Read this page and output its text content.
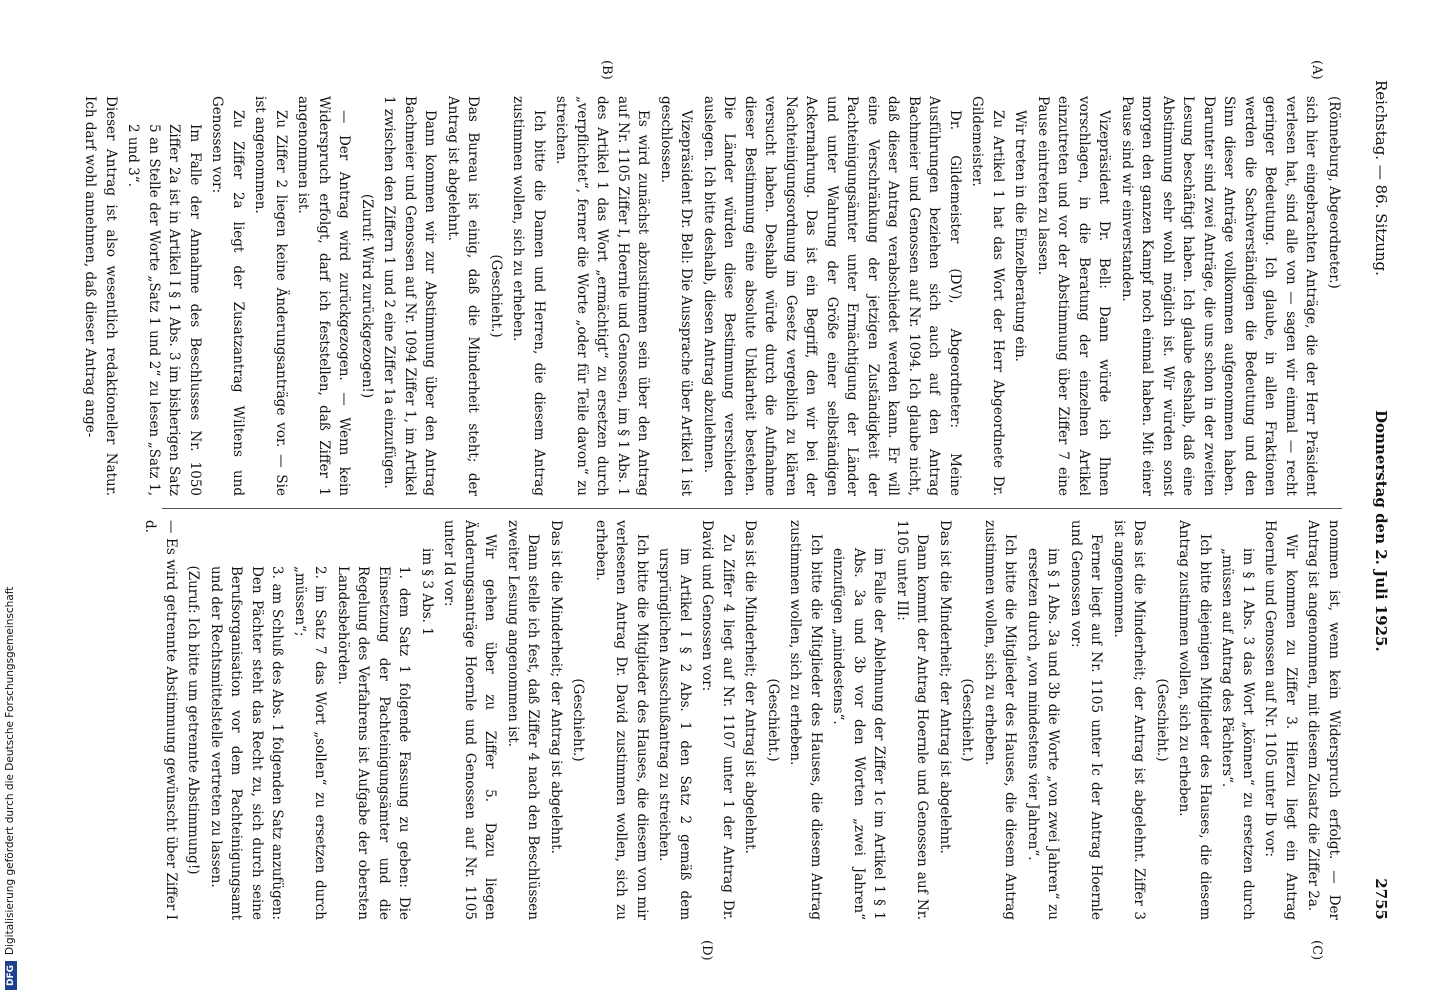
Reichstag. — 86. Sitzung.
Donnerstag den 2. Juli 1925.
2755
(A)
(B)
(C)
(D)

(Rönneburg, Abgeordneter.)

sich hier eingebrachten Anträge, die der Herr Präsident verlesen hat, sind alle von — sagen wir einmal — recht geringer Bedeutung. Ich glaube, in allen Fraktionen werden die Sachverständigen die Bedeutung und den Sinn dieser Anträge vollkommen aufgenommen haben. Darunter sind zwei Anträge, die uns schon in der zweiten Lesung beschäftigt haben. Ich glaube deshalb, daß eine Abstimmung sehr wohl möglich ist. Wir würden sonst morgen den ganzen Kampf noch einmal haben. Mit einer Pause sind wir einverstanden.

Vizepräsident Dr. Bell: Dann würde ich Ihnen vorschlagen, in die Beratung der einzelnen Artikel einzutreten und vor der Abstimmung über Ziffer 7 eine Pause eintreten zu lassen.

Wir treten in die Einzelberatung ein.

Zu Artikel 1 hat das Wort der Herr Abgeordnete Dr. Gildemeister.

Dr. Gildemeister (DV), Abgeordneter: Meine Ausführungen beziehen sich auch auf den Antrag Bachmeier und Genossen auf Nr. 1094. Ich glaube nicht, daß dieser Antrag verabschiedet werden kann. Er will eine Verschränkung der jetzigen Zuständigkeit der Pachteinigungsämter unter Ermächtigung der Länder und unter Wahrung der Größe einer selbständigen Ackernahrung. Das ist ein Begriff, den wir bei der Nachteinigungsordnung im Gesetz vergeblich zu klären versucht haben. Deshalb würde durch die Aufnahme dieser Bestimmung eine absolute Unklarheit bestehen. Die Länder würden diese Bestimmung verschieden auslegen. Ich bitte deshalb, diesen Antrag abzulehnen.

Vizepräsident Dr. Bell: Die Aussprache über Artikel 1 ist geschlossen.

Es wird zunächst abzustimmen sein über den Antrag auf Nr. 1105 Ziffer I, Hoernle und Genossen, im § 1 Abs. 1 des Artikel 1 das Wort „ermächtigt“ zu ersetzen durch „verpflichtet“, ferner die Worte „oder für Teile davon“ zu streichen.

Ich bitte die Damen und Herren, die diesem Antrag zustimmen wollen, sich zu erheben.

(Geschieht.)

Das Bureau ist einig, daß die Minderheit steht; der Antrag ist abgelehnt.

Dann kommen wir zur Abstimmung über den Antrag Bachmeier und Genossen auf Nr. 1094 Ziffer 1, im Artikel 1 zwischen den Ziffern 1 und 2 eine Ziffer 1a einzufügen.

(Zuruf: Wird zurückgezogen!)

— Der Antrag wird zurückgezogen. — Wenn kein Widerspruch erfolgt, darf ich feststellen, daß Ziffer 1 angenommen ist.

Zu Ziffer 2 liegen keine Änderungsanträge vor. — Sie ist angenommen.

Zu Ziffer 2a liegt der Zusatzantrag Wiltens und Genossen vor:

Im Falle der Annahme des Beschlusses Nr. 1050 Ziffer 2a ist in Artikel I § 1 Abs. 3 im bisherigen Satz 5 an Stelle der Worte „Satz 1 und 2“ zu lesen „Satz 1, 2 und 3“.

Dieser Antrag ist also wesentlich redaktioneller Natur. Ich darf wohl annehmen, daß dieser Antrag ange-

nommen ist, wenn kein Widerspruch erfolgt. — Der Antrag ist angenommen, mit diesem Zusatz die Ziffer 2a.

Wir kommen zu Ziffer 3. Hierzu liegt ein Antrag Hoernle und Genossen auf Nr. 1105 unter Ib vor:

im § 1 Abs. 3 das Wort „können“ zu ersetzen durch „müssen auf Antrag des Pächters“.

Ich bitte diejenigen Mitglieder des Hauses, die diesem Antrag zustimmen wollen, sich zu erheben.

(Geschieht.)

Das ist die Minderheit; der Antrag ist abgelehnt. Ziffer 3 ist angenommen.

Ferner liegt auf Nr. 1105 unter Ic der Antrag Hoernle und Genossen vor:

im § 1 Abs. 3a und 3b die Worte „von zwei Jahren“ zu ersetzen durch „von mindestens vier Jahren“.

Ich bitte die Mitglieder des Hauses, die diesem Antrag zustimmen wollen, sich zu erheben.

(Geschieht.)

Das ist die Minderheit; der Antrag ist abgelehnt.

Dann kommt der Antrag Hoernle und Genossen auf Nr. 1105 unter III:

im Falle der Ablehnung der Ziffer 1c im Artikel 1 § 1 Abs. 3a und 3b vor den Worten „zwei Jahren“ einzufügen „mindestens“.

Ich bitte die Mitglieder des Hauses, die diesem Antrag zustimmen wollen, sich zu erheben.

(Geschieht.)

Das ist die Minderheit; der Antrag ist abgelehnt.

Zu Ziffer 4 liegt auf Nr. 1107 unter 1 der Antrag Dr. David und Genossen vor:

im Artikel I § 2 Abs. 1 den Satz 2 gemäß dem ursprünglichen Ausschußantrag zu streichen.

Ich bitte die Mitglieder des Hauses, die diesem von mir verlesenen Antrag Dr. David zustimmen wollen, sich zu erheben.

(Geschieht.)

Das ist die Minderheit; der Antrag ist abgelehnt.

Dann stelle ich fest, daß Ziffer 4 nach den Beschlüssen zweiter Lesung angenommen ist.

Wir gehen über zu Ziffer 5. Dazu liegen Änderungsanträge Hoernle und Genossen auf Nr. 1105 unter Id vor:

im § 3 Abs. 1

1. dem Satz 1 folgende Fassung zu geben: Die Einsetzung der Pachteinigungsämter und die Regelung des Verfahrens ist Aufgabe der obersten Landesbehörden.

2. im Satz 7 das Wort „sollen“ zu ersetzen durch „müssen“;

3. am Schluß des Abs. 1 folgenden Satz anzufügen: Den Pächter steht das Recht zu, sich durch seine Berufsorganisation vor dem Pachteinigungsamt und der Rechtsmittelstelle vertreten zu lassen.

(Zuruf: Ich bitte um getrennte Abstimmung!)

— Es wird getrennte Abstimmung gewünscht über Ziffer I d.

DFGDigitalisierung gefördert durch die Deutsche Forschungsgemeinschaft
